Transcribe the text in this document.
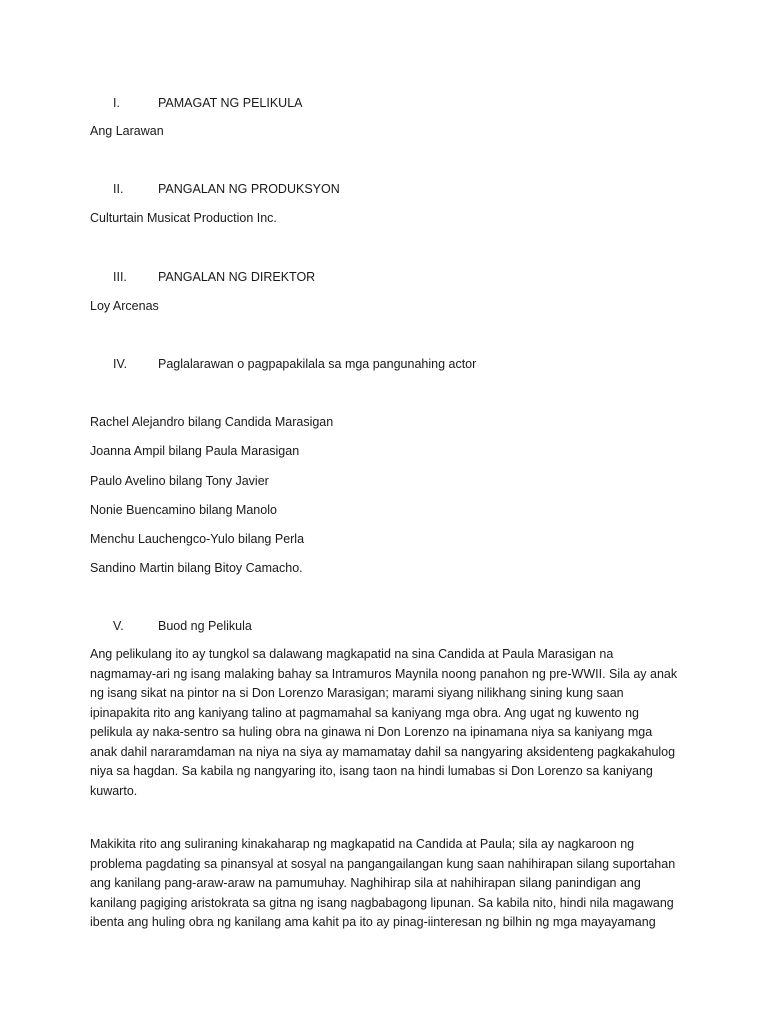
I.	PAMAGAT NG PELIKULA
Ang Larawan
II.	PANGALAN NG PRODUKSYON
Culturtain Musicat Production Inc.
III. PANGALAN NG DIREKTOR
Loy Arcenas
IV. Paglalarawan o pagpapakilala sa mga pangunahing actor
Rachel Alejandro bilang Candida Marasigan
Joanna Ampil bilang Paula Marasigan
Paulo Avelino bilang Tony Javier
Nonie Buencamino bilang Manolo
Menchu Lauchengco-Yulo bilang Perla
Sandino Martin bilang Bitoy Camacho.
V.	Buod ng Pelikula
Ang pelikulang ito ay tungkol sa dalawang magkapatid na sina Candida at Paula Marasigan na
nagmamay-ari ng isang malaking bahay sa Intramuros Maynila noong panahon ng pre-WWII. Sila ay anak
ng isang sikat na pintor na si Don Lorenzo Marasigan; marami siyang nilikhang sining kung saan
ipinapakita rito ang kaniyang talino at pagmamahal sa kaniyang mga obra. Ang ugat ng kuwento ng
pelikula ay naka-sentro sa huling obra na ginawa ni Don Lorenzo na ipinamana niya sa kaniyang mga
anak dahil nararamdaman na niya na siya ay mamamatay dahil sa nangyaring aksidenteng pagkakahulog
niya sa hagdan. Sa kabila ng nangyaring ito, isang taon na hindi lumabas si Don Lorenzo sa kaniyang
kuwarto.
Makikita rito ang suliraning kinakaharap ng magkapatid na Candida at Paula; sila ay nagkaroon ng
problema pagdating sa pinansyal at sosyal na pangangailangan kung saan nahihirapan silang suportahan
ang kanilang pang-araw-araw na pamumuhay. Naghihirap sila at nahihirapan silang panindigan ang
kanilang pagiging aristokrata sa gitna ng isang nagbabagong lipunan. Sa kabila nito, hindi nila magawang
ibenta ang huling obra ng kanilang ama kahit pa ito ay pinag-iinteresan ng bilhin ng mga mayayamang
